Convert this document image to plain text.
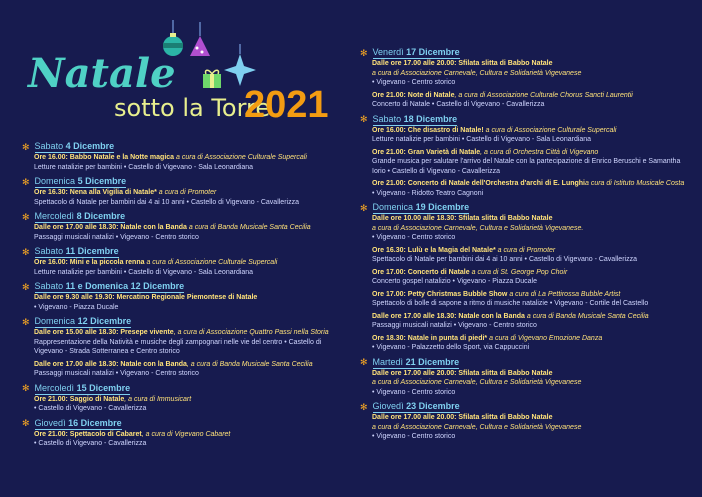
Natale
sotto la Torre
2021
✻ Sabato 4 Dicembre
Ore 16.00: Babbo Natale e la Notte magica a cura di Associazione Culturale Supercali
Letture natalizie per bambini • Castello di Vigevano - Sala Leonardiana
✻ Domenica 5 Dicembre
Ore 16.30: Nena alla Vigilia di Natale* a cura di Promoter
Spettacolo di Natale per bambini dai 4 ai 10 anni • Castello di Vigevano - Cavallerizza
✻ Mercoledì 8 Dicembre
Dalle ore 17.00 alle 18.30: Natale con la Banda a cura di Banda Musicale Santa Cecilia
Passaggi musicali natalizi • Vigevano - Centro storico
✻ Sabato 11 Dicembre
Ore 16.00: Mini e la piccola renna a cura di Associazione Culturale Supercali
Letture natalizie per bambini • Castello di Vigevano - Sala Leonardiana
✻ Sabato 11 e Domenica 12 Dicembre
Dalle ore 9.30 alle 19.30: Mercatino Regionale Piemontese di Natale
• Vigevano - Piazza Ducale
✻ Domenica 12 Dicembre
Dalle ore 15.00 alle 18.30: Presepe vivente, a cura di Associazione Quattro Passi nella Storia
Rappresentazione della Natività e musiche degli zampognari nelle vie del centro • Castello di Vigevano - Strada Sotterranea e Centro storico
Dalle ore 17.00 alle 18.30: Natale con la Banda, a cura di Banda Musicale Santa Cecilia
Passaggi musicali natalizi • Vigevano - Centro storico
✻ Mercoledì 15 Dicembre
Ore 21.00: Saggio di Natale, a cura di Immusicart
• Castello di Vigevano - Cavallerizza
✻ Giovedì 16 Dicembre
Ore 21.00: Spettacolo di Cabaret, a cura di Vigevano Cabaret
• Castello di Vigevano - Cavallerizza
✻ Venerdì 17 Dicembre
Dalle ore 17.00 alle 20.00: Sfilata slitta di Babbo Natale
a cura di Associazione Carnevale, Cultura e Solidarietà Vigevanese
• Vigevano - Centro storico
Ore 21.00: Note di Natale, a cura di Associazione Culturale Chorus Sancti Laurentii
Concerto di Natale • Castello di Vigevano - Cavallerizza
✻ Sabato 18 Dicembre
Ore 16.00: Che disastro di Natale! a cura di Associazione Culturale Supercali
Letture natalizie per bambini • Castello di Vigevano - Sala Leonardiana
Ore 21.00: Gran Varietà di Natale, a cura di Orchestra Città di Vigevano
Grande musica per salutare l'arrivo del Natale con la partecipazione di Enrico Beruschi e Samantha Iorio • Castello di Vigevano - Cavallerizza
Ore 21.00: Concerto di Natale dell'Orchestra d'archi di E. Lunghia cura di Istituto Musicale Costa
• Vigevano - Ridotto Teatro Cagnoni
✻ Domenica 19 Dicembre
Dalle ore 10.00 alle 18.30: Sfilata slitta di Babbo Natale
a cura di Associazione Carnevale, Cultura e Solidarietà Vigevanese.
• Vigevano - Centro storico
Ore 16.30: Lulù e la Magia del Natale* a cura di Promoter
Spettacolo di Natale per bambini dai 4 ai 10 anni • Castello di Vigevano - Cavallerizza
Ore 17.00: Concerto di Natale a cura di St. George Pop Choir
Concerto gospel natalizio • Vigevano - Piazza Ducale
Ore 17.00: Petty Christmas Bubble Show a cura di La Pettirossa Bubble Artist
Spettacolo di bolle di sapone a ritmo di musiche natalizie • Vigevano - Cortile del Castello
Dalle ore 17.00 alle 18.30: Natale con la Banda a cura di Banda Musicale Santa Cecilia
Passaggi musicali natalizi • Vigevano - Centro storico
Ore 18.30: Natale in punta di piedi* a cura di Vigevano Emozione Danza
• Vigevano - Palazzetto dello Sport, via Cappuccini
✻ Martedì 21 Dicembre
Dalle ore 17.00 alle 20.00: Sfilata slitta di Babbo Natale
a cura di Associazione Carnevale, Cultura e Solidarietà Vigevanese
• Vigevano - Centro storico
✻ Giovedì 23 Dicembre
Dalle ore 17.00 alle 20.00: Sfilata slitta di Babbo Natale
a cura di Associazione Carnevale, Cultura e Solidarietà Vigevanese
• Vigevano - Centro storico
